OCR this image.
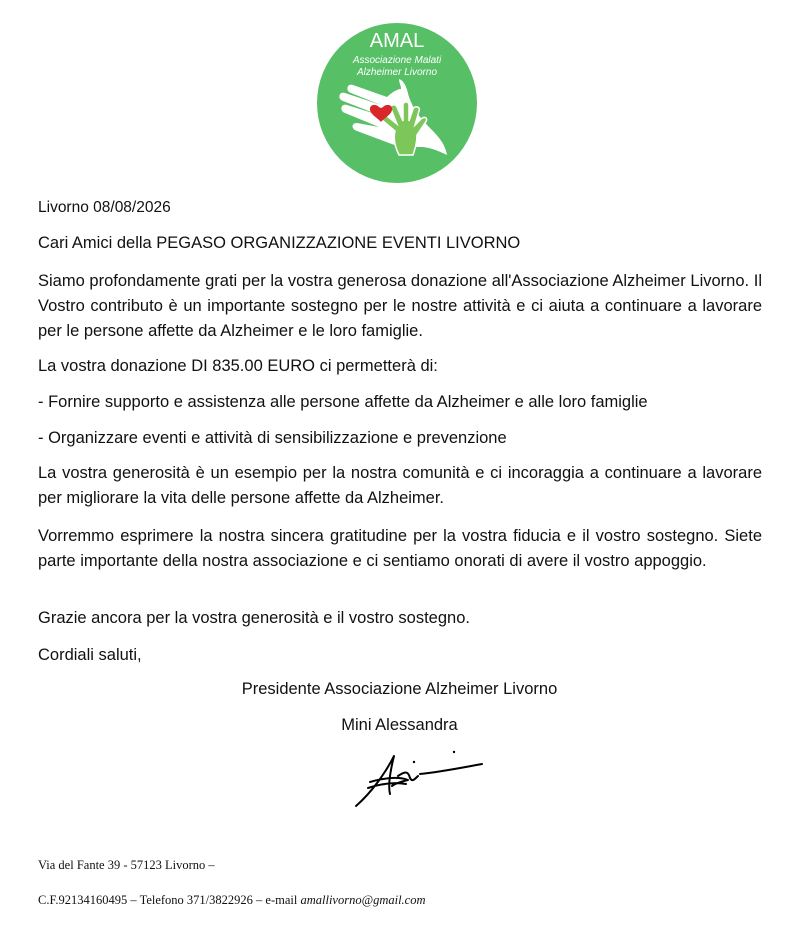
AMAL
Associazione Malati
Alzheimer Livorno
Livorno 08/08/2026
Cari Amici della PEGASO ORGANIZZAZIONE EVENTI LIVORNO

Siamo profondamente grati per la vostra generosa donazione all'Associazione Alzheimer Livorno. Il Vostro contributo è un importante sostegno per le nostre attività e ci aiuta a continuare a lavorare per le persone affette da Alzheimer e le loro famiglie.

La vostra donazione DI 835.00 EURO ci permetterà di:
- Fornire supporto e assistenza alle persone affette da Alzheimer e alle loro famiglie
- Organizzare eventi e attività di sensibilizzazione e prevenzione

La vostra generosità è un esempio per la nostra comunità e ci incoraggia a continuare a lavorare per migliorare la vita delle persone affette da Alzheimer.

Vorremmo esprimere la nostra sincera gratitudine per la vostra fiducia e il vostro sostegno. Siete parte importante della nostra associazione e ci sentiamo onorati di avere il vostro appoggio.

Grazie ancora per la vostra generosità e il vostro sostegno.
Cordiali saluti,
Presidente Associazione Alzheimer Livorno
Mini Alessandra
Via del Fante 39 - 57123 Livorno –
C.F.92134160495 – Telefono 371/3822926 – e-mail amallivorno@gmail.com
